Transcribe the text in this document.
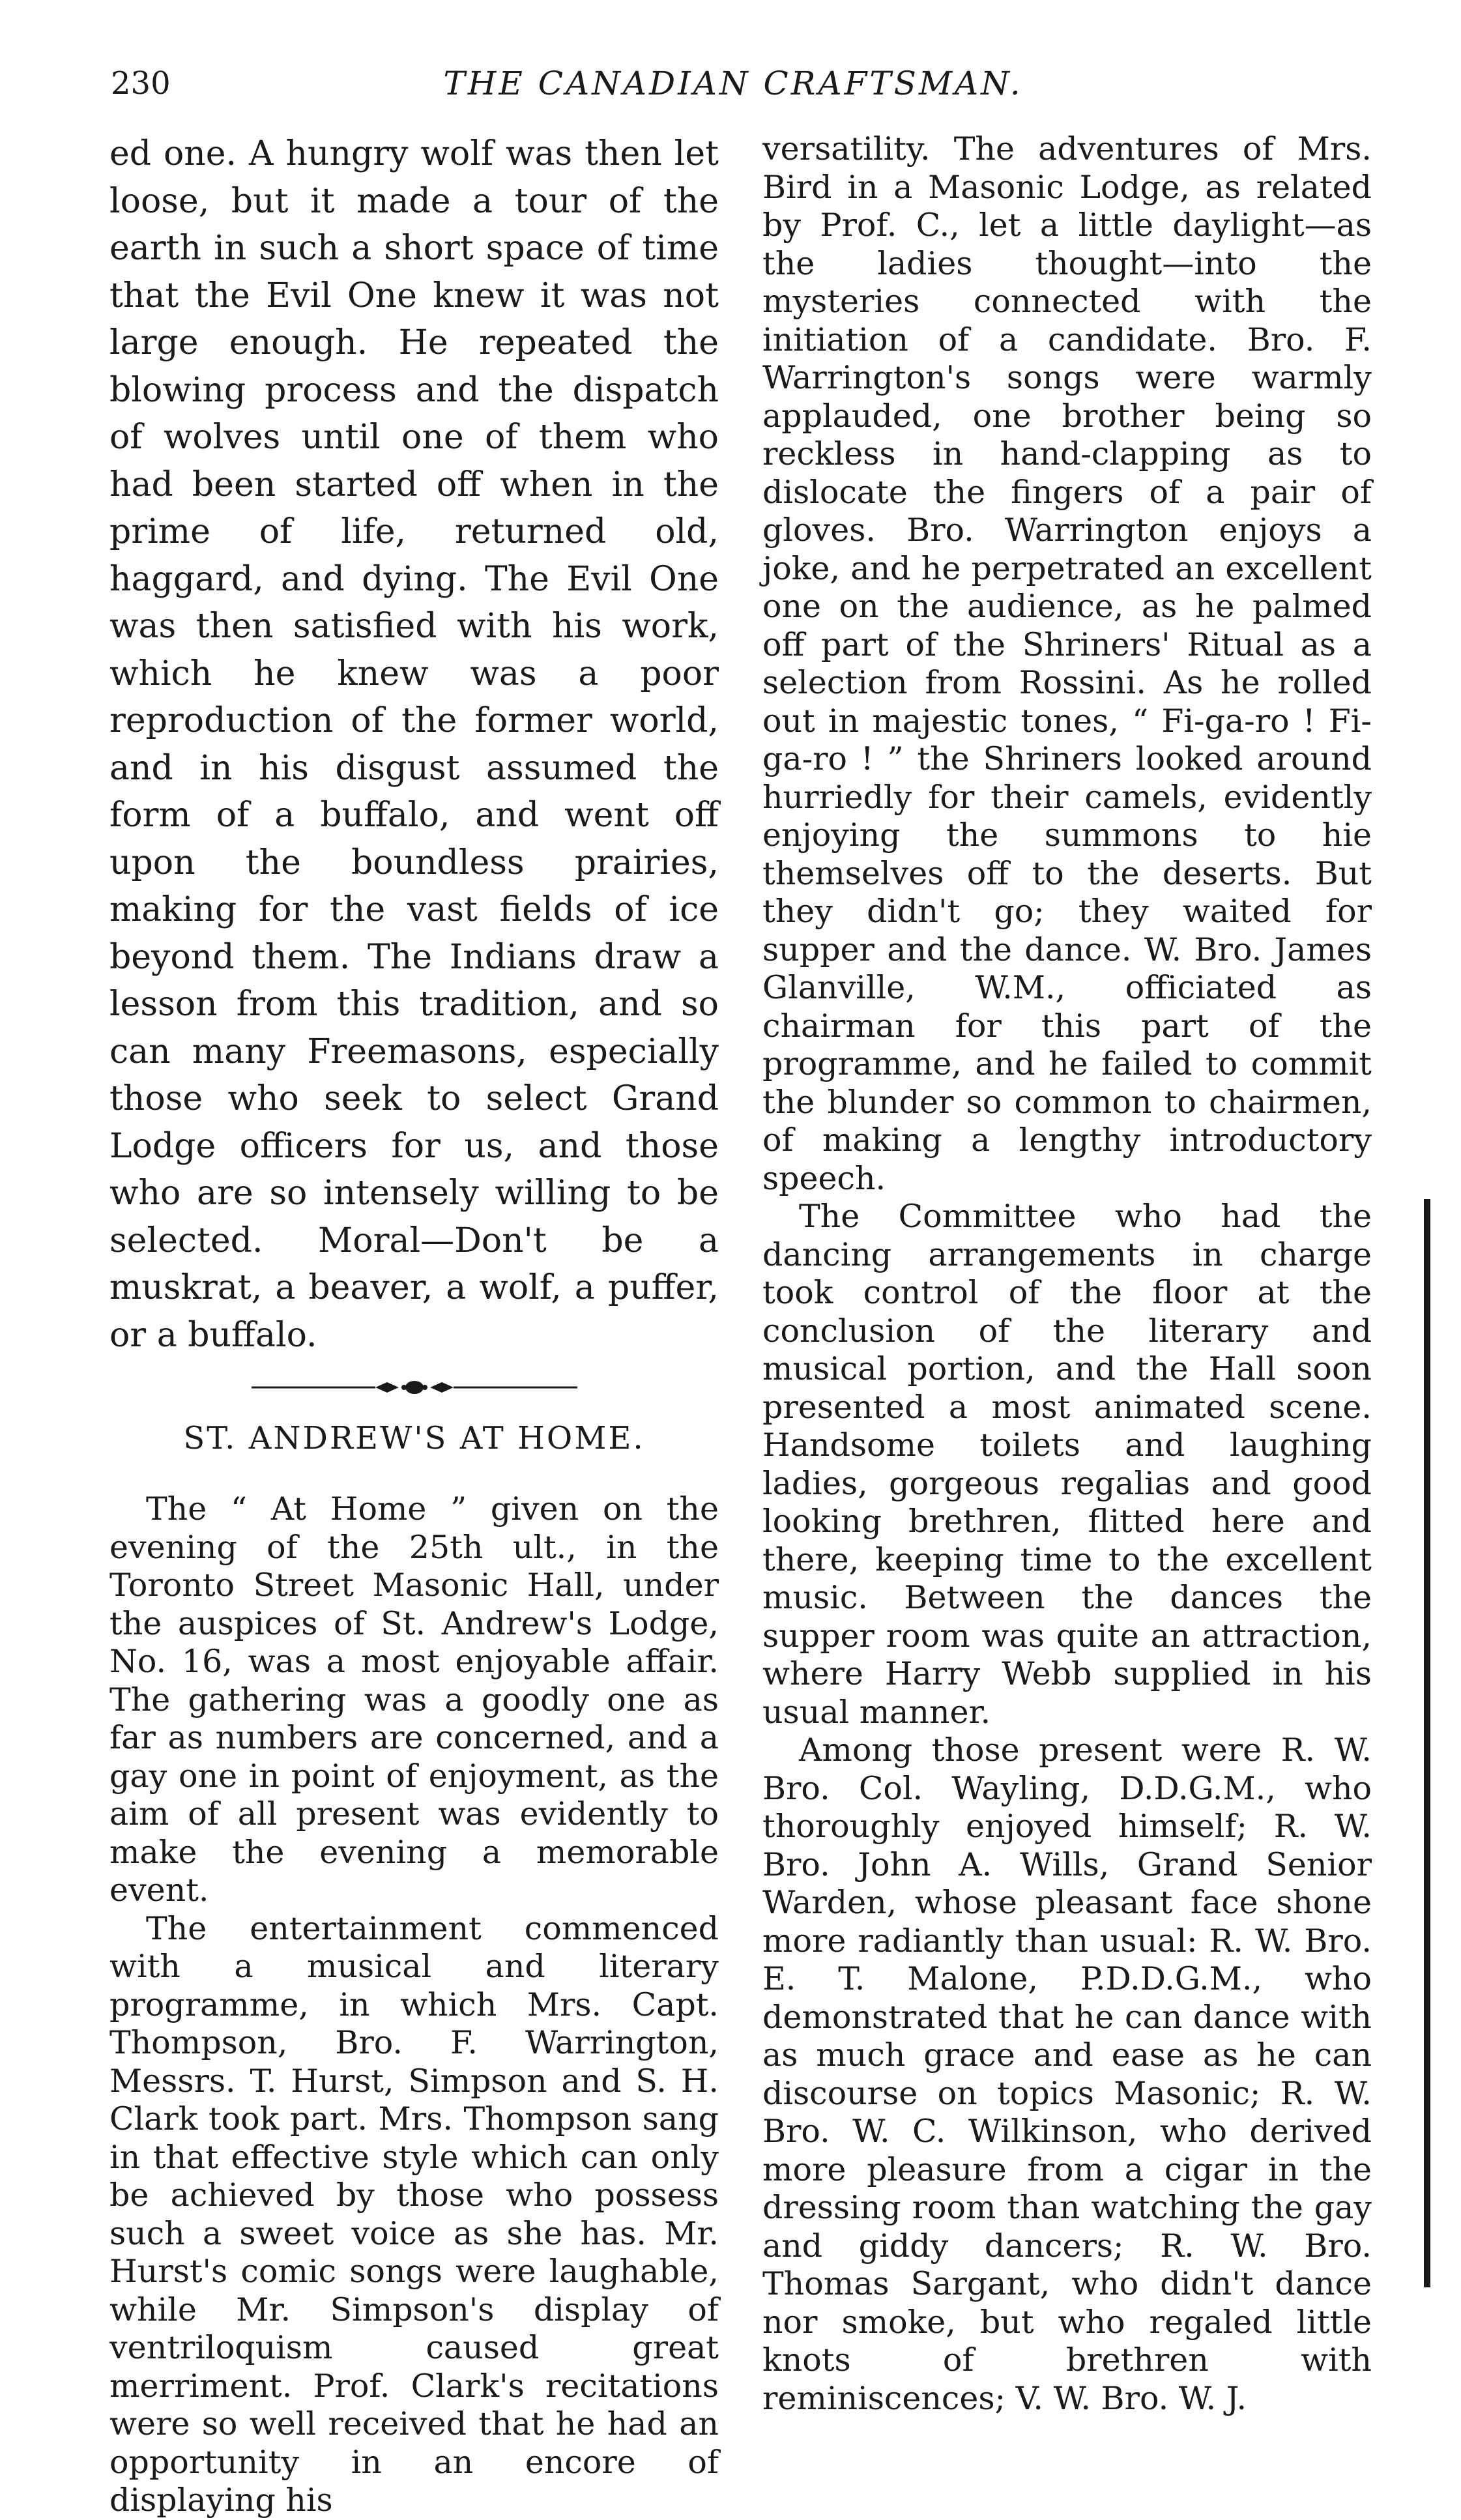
230	THE CANADIAN CRAFTSMAN.

ed one. A hungry wolf was then let loose, but it made a tour of the earth in such a short space of time that the Evil One knew it was not large enough. He repeated the blowing process and the dispatch of wolves until one of them who had been started off when in the prime of life, returned old, haggard, and dying. The Evil One was then satisfied with his work, which he knew was a poor reproduction of the former world, and in his disgust assumed the form of a buffalo, and went off upon the boundless prairies, making for the vast fields of ice beyond them. The Indians draw a lesson from this tradition, and so can many Freemasons, especially those who seek to select Grand Lodge officers for us, and those who are so intensely willing to be selected. Moral—Don't be a muskrat, a beaver, a wolf, a puffer, or a buffalo.

ST. ANDREW'S AT HOME.

The “ At Home ” given on the evening of the 25th ult., in the Toronto Street Masonic Hall, under the auspices of St. Andrew's Lodge, No. 16, was a most enjoyable affair. The gathering was a goodly one as far as numbers are concerned, and a gay one in point of enjoyment, as the aim of all present was evidently to make the evening a memorable event.

The entertainment commenced with a musical and literary programme, in which Mrs. Capt. Thompson, Bro. F. Warrington, Messrs. T. Hurst, Simpson and S. H. Clark took part. Mrs. Thompson sang in that effective style which can only be achieved by those who possess such a sweet voice as she has. Mr. Hurst's comic songs were laughable, while Mr. Simpson's display of ventriloquism caused great merriment. Prof. Clark's recitations were so well received that he had an opportunity in an encore of displaying his

versatility. The adventures of Mrs. Bird in a Masonic Lodge, as related by Prof. C., let a little daylight—as the ladies thought—into the mysteries connected with the initiation of a candidate. Bro. F. Warrington's songs were warmly applauded, one brother being so reckless in hand-clapping as to dislocate the fingers of a pair of gloves. Bro. Warrington enjoys a joke, and he perpetrated an excellent one on the audience, as he palmed off part of the Shriners' Ritual as a selection from Rossini. As he rolled out in majestic tones, “ Fi-ga-ro ! Fi-ga-ro ! ” the Shriners looked around hurriedly for their camels, evidently enjoying the summons to hie themselves off to the deserts. But they didn't go; they waited for supper and the dance. W. Bro. James Glanville, W.M., officiated as chairman for this part of the programme, and he failed to commit the blunder so common to chairmen, of making a lengthy introductory speech.

The Committee who had the dancing arrangements in charge took control of the floor at the conclusion of the literary and musical portion, and the Hall soon presented a most animated scene. Handsome toilets and laughing ladies, gorgeous regalias and good looking brethren, flitted here and there, keeping time to the excellent music. Between the dances the supper room was quite an attraction, where Harry Webb supplied in his usual manner.

Among those present were R. W. Bro. Col. Wayling, D.D.G.M., who thoroughly enjoyed himself; R. W. Bro. John A. Wills, Grand Senior Warden, whose pleasant face shone more radiantly than usual: R. W. Bro. E. T. Malone, P.D.D.G.M., who demonstrated that he can dance with as much grace and ease as he can discourse on topics Masonic; R. W. Bro. W. C. Wilkinson, who derived more pleasure from a cigar in the dressing room than watching the gay and giddy dancers; R. W. Bro. Thomas Sargant, who didn't dance nor smoke, but who regaled little knots of brethren with reminiscences; V. W. Bro. W. J.
